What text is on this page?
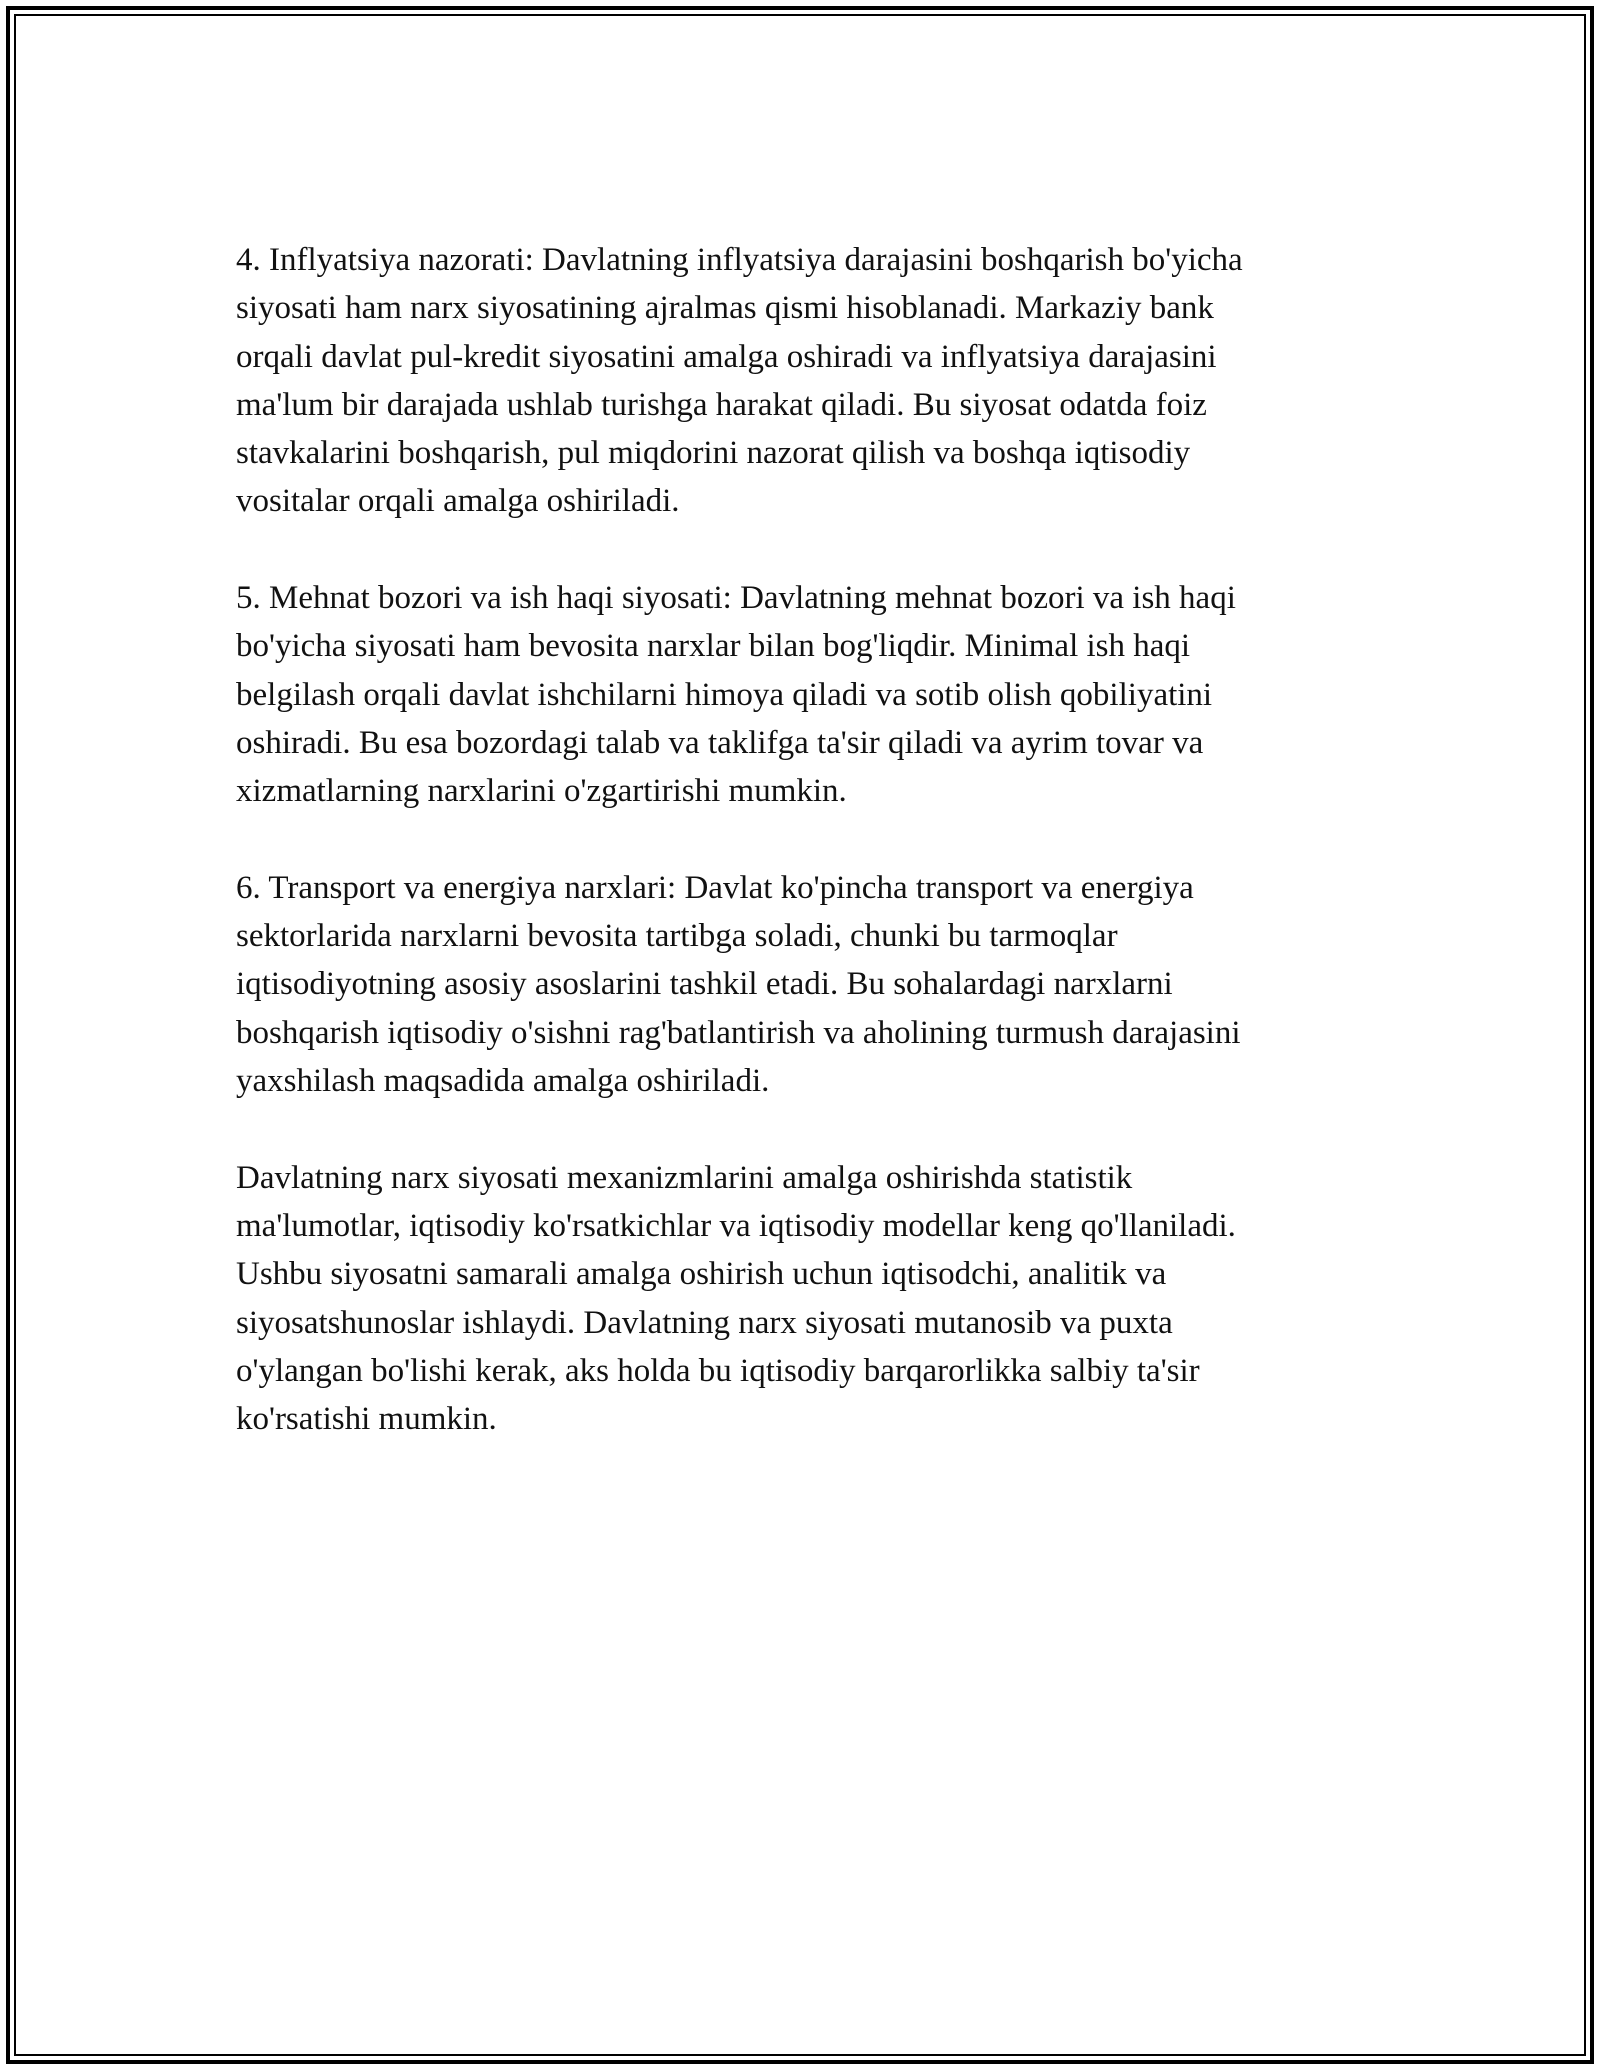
4. Inflyatsiya nazorati: Davlatning inflyatsiya darajasini boshqarish bo'yicha
siyosati ham narx siyosatining ajralmas qismi hisoblanadi. Markaziy bank
orqali davlat pul-kredit siyosatini amalga oshiradi va inflyatsiya darajasini
ma'lum bir darajada ushlab turishga harakat qiladi. Bu siyosat odatda foiz
stavkalarini boshqarish, pul miqdorini nazorat qilish va boshqa iqtisodiy
vositalar orqali amalga oshiriladi.

5. Mehnat bozori va ish haqi siyosati: Davlatning mehnat bozori va ish haqi
bo'yicha siyosati ham bevosita narxlar bilan bog'liqdir. Minimal ish haqi
belgilash orqali davlat ishchilarni himoya qiladi va sotib olish qobiliyatini
oshiradi. Bu esa bozordagi talab va taklifga ta'sir qiladi va ayrim tovar va
xizmatlarning narxlarini o'zgartirishi mumkin.

6. Transport va energiya narxlari: Davlat ko'pincha transport va energiya
sektorlarida narxlarni bevosita tartibga soladi, chunki bu tarmoqlar
iqtisodiyotning asosiy asoslarini tashkil etadi. Bu sohalardagi narxlarni
boshqarish iqtisodiy o'sishni rag'batlantirish va aholining turmush darajasini
yaxshilash maqsadida amalga oshiriladi.

Davlatning narx siyosati mexanizmlarini amalga oshirishda statistik
ma'lumotlar, iqtisodiy ko'rsatkichlar va iqtisodiy modellar keng qo'llaniladi.
Ushbu siyosatni samarali amalga oshirish uchun iqtisodchi, analitik va
siyosatshunoslar ishlaydi. Davlatning narx siyosati mutanosib va puxta
o'ylangan bo'lishi kerak, aks holda bu iqtisodiy barqarorlikka salbiy ta'sir
ko'rsatishi mumkin.
